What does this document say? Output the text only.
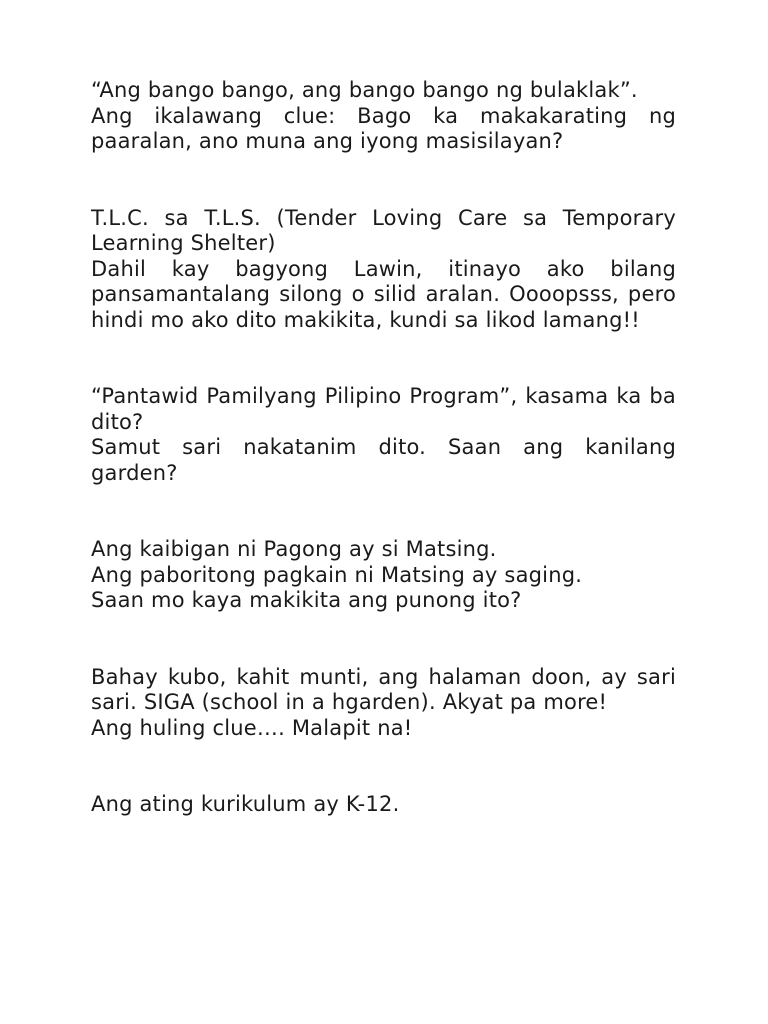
“Ang bango bango, ang bango bango ng bulaklak”.

Ang ikalawang clue: Bago ka makakarating ng paaralan, ano muna ang iyong masisilayan?

T.L.C. sa T.L.S. (Tender Loving Care sa Temporary Learning Shelter)

Dahil kay bagyong Lawin, itinayo ako bilang pansamantalang silong o silid aralan. Oooopsss, pero hindi mo ako dito makikita, kundi sa likod lamang!!

“Pantawid Pamilyang Pilipino Program”, kasama ka ba dito?

Samut sari nakatanim dito. Saan ang kanilang garden?

Ang kaibigan ni Pagong ay si Matsing.

Ang paboritong pagkain ni Matsing ay saging.

Saan mo kaya makikita ang punong ito?

Bahay kubo, kahit munti, ang halaman doon, ay sari sari. SIGA (school in a hgarden). Akyat pa more!

Ang huling clue…. Malapit na!

Ang ating kurikulum ay K-12.
